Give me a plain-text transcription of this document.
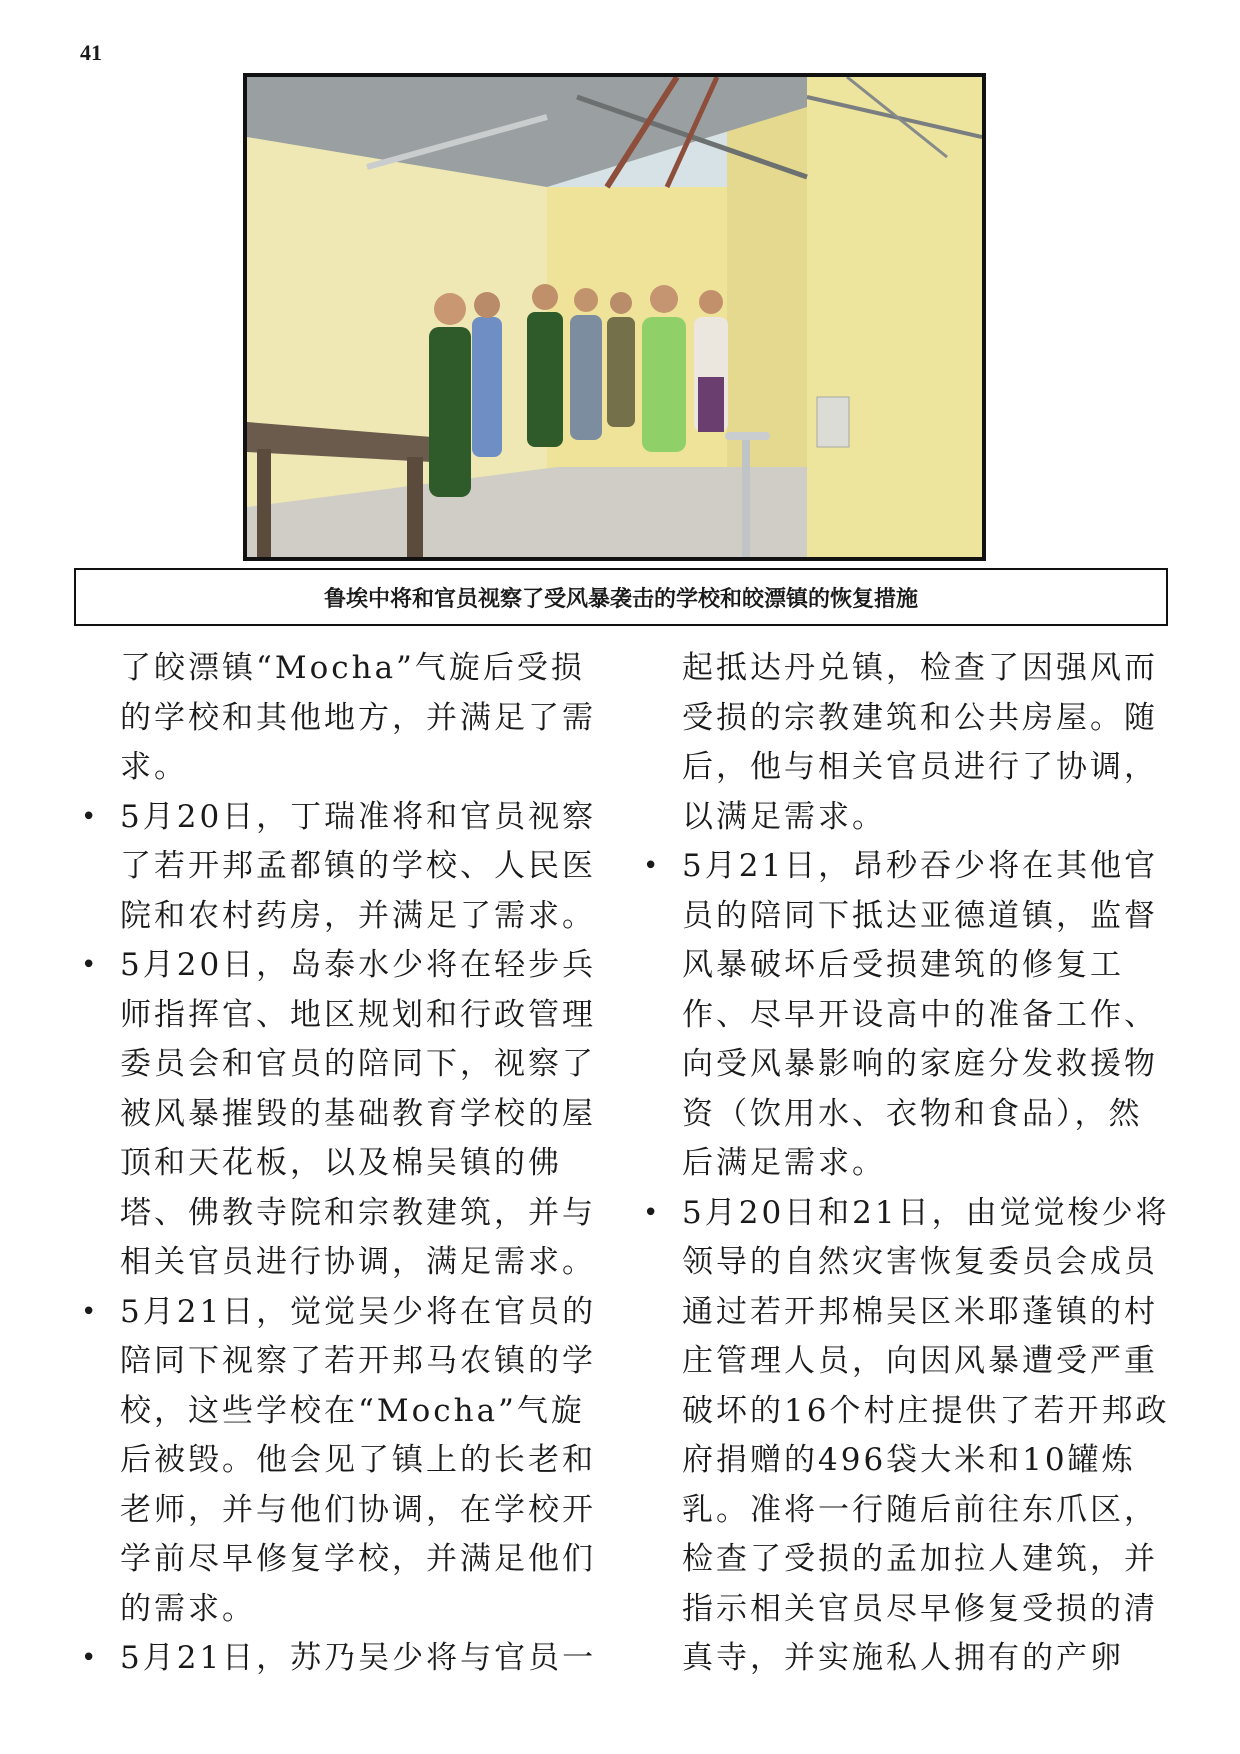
41
鲁埃中将和官员视察了受风暴袭击的学校和皎漂镇的恢复措施
了皎漂镇“Mocha”气旋后受损
的学校和其他地方，并满足了需
求。
• 5月20日，丁瑞准将和官员视察
了若开邦孟都镇的学校、人民医
院和农村药房，并满足了需求。
• 5月20日，岛泰水少将在轻步兵
师指挥官、地区规划和行政管理
委员会和官员的陪同下，视察了
被风暴摧毁的基础教育学校的屋
顶和天花板，以及棉吴镇的佛
塔、佛教寺院和宗教建筑，并与
相关官员进行协调，满足需求。
• 5月21日，觉觉吴少将在官员的
陪同下视察了若开邦马农镇的学
校，这些学校在“Mocha”气旋
后被毁。他会见了镇上的长老和
老师，并与他们协调，在学校开
学前尽早修复学校，并满足他们
的需求。
• 5月21日，苏乃吴少将与官员一
起抵达丹兑镇，检查了因强风而
受损的宗教建筑和公共房屋。随
后，他与相关官员进行了协调，
以满足需求。
• 5月21日，昂秒吞少将在其他官
员的陪同下抵达亚德道镇，监督
风暴破坏后受损建筑的修复工
作、尽早开设高中的准备工作、
向受风暴影响的家庭分发救援物
资（饮用水、衣物和食品），然
后满足需求。
• 5月20日和21日，由觉觉梭少将
领导的自然灾害恢复委员会成员
通过若开邦棉吴区米耶蓬镇的村
庄管理人员，向因风暴遭受严重
破坏的16个村庄提供了若开邦政
府捐赠的496袋大米和10罐炼
乳。准将一行随后前往东爪区，
检查了受损的孟加拉人建筑，并
指示相关官员尽早修复受损的清
真寺，并实施私人拥有的产卵
